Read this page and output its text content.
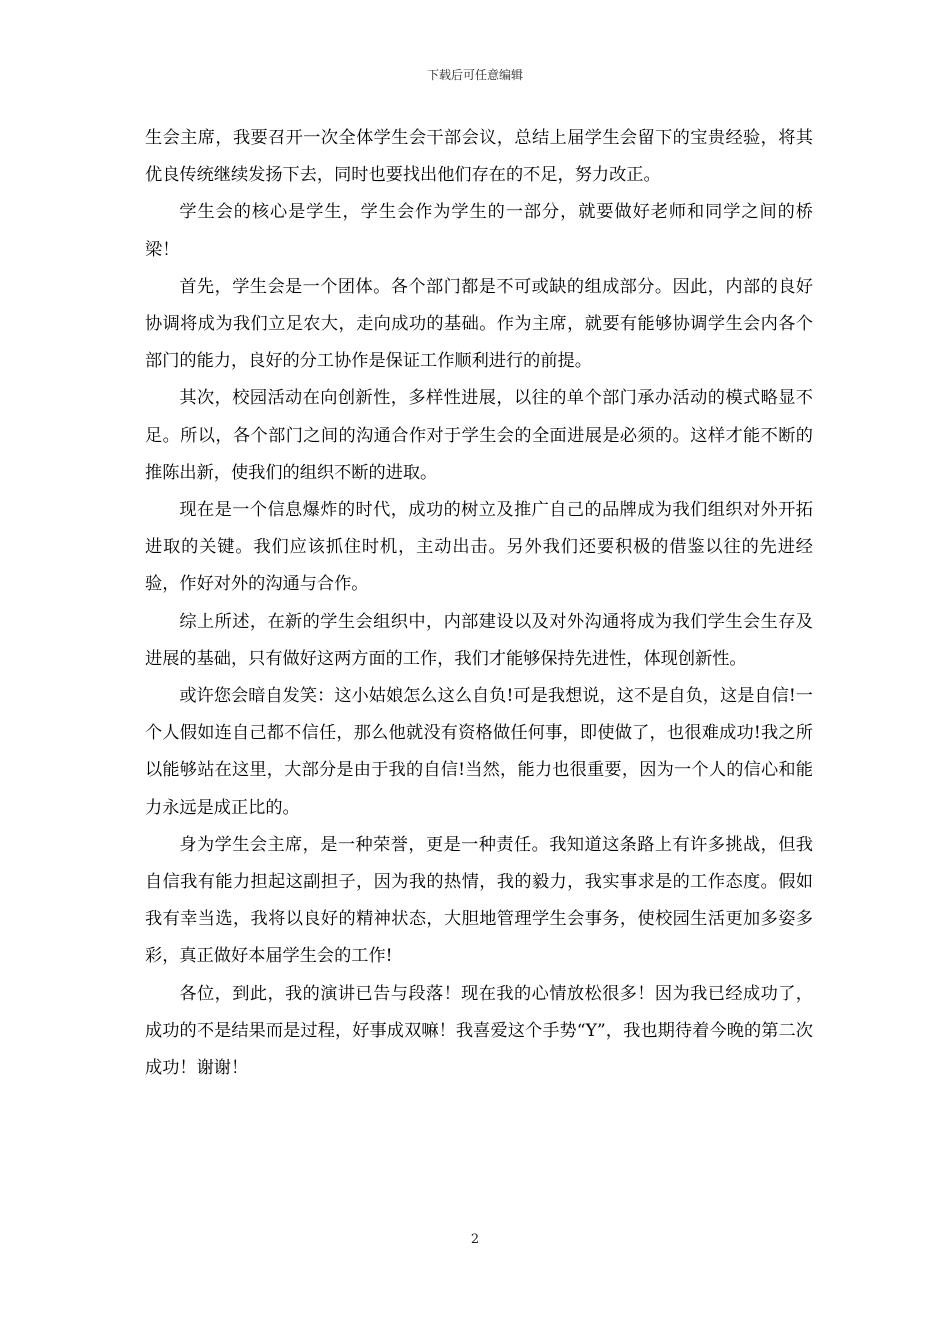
下载后可任意编辑

生会主席，我要召开一次全体学生会干部会议，总结上届学生会留下的宝贵经验，将其优良传统继续发扬下去，同时也要找出他们存在的不足，努力改正。

学生会的核心是学生，学生会作为学生的一部分，就要做好老师和同学之间的桥梁！

首先，学生会是一个团体。各个部门都是不可或缺的组成部分。因此，内部的良好协调将成为我们立足农大，走向成功的基础。作为主席，就要有能够协调学生会内各个部门的能力，良好的分工协作是保证工作顺利进行的前提。

其次，校园活动在向创新性，多样性进展，以往的单个部门承办活动的模式略显不足。所以，各个部门之间的沟通合作对于学生会的全面进展是必须的。这样才能不断的推陈出新，使我们的组织不断的进取。

现在是一个信息爆炸的时代，成功的树立及推广自己的品牌成为我们组织对外开拓进取的关键。我们应该抓住时机，主动出击。另外我们还要积极的借鉴以往的先进经验，作好对外的沟通与合作。

综上所述，在新的学生会组织中，内部建设以及对外沟通将成为我们学生会生存及进展的基础，只有做好这两方面的工作，我们才能够保持先进性，体现创新性。

或许您会暗自发笑：这小姑娘怎么这么自负!可是我想说，这不是自负，这是自信!一个人假如连自己都不信任，那么他就没有资格做任何事，即使做了，也很难成功!我之所以能够站在这里，大部分是由于我的自信!当然，能力也很重要，因为一个人的信心和能力永远是成正比的。

身为学生会主席，是一种荣誉，更是一种责任。我知道这条路上有许多挑战，但我自信我有能力担起这副担子，因为我的热情，我的毅力，我实事求是的工作态度。假如我有幸当选，我将以良好的精神状态，大胆地管理学生会事务，使校园生活更加多姿多彩，真正做好本届学生会的工作!

各位，到此，我的演讲已告与段落！现在我的心情放松很多！因为我已经成功了，成功的不是结果而是过程，好事成双嘛！我喜爱这个手势“Y”，我也期待着今晚的第二次成功！谢谢！

2
